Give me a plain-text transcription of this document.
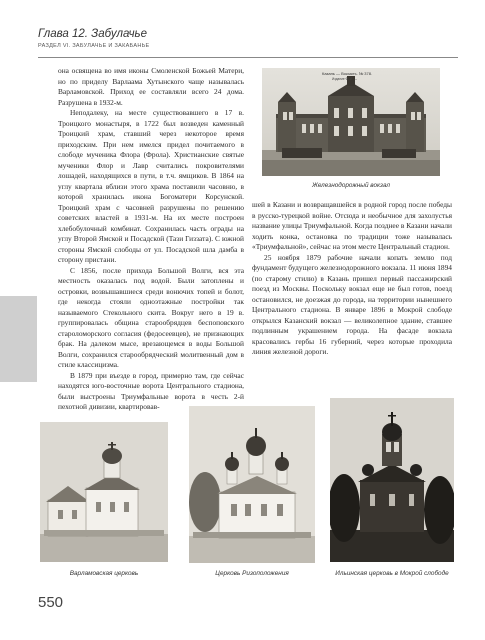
Глава 12. Забулачье
РАЗДЕЛ VI. ЗАБУЛАЧЬЕ И ЗАКАБАНЬЕ

она освящена во имя иконы Смоленской Божьей Матери, но по приделу Варлаама Хутынского чаще называлась Варламовской. Приход ее составляли всего 24 дома. Разрушена в 1932-м.

Неподалеку, на месте существовавшего в 17 в. Троицкого монастыря, в 1722 был возведен каменный Троицкий храм, ставший через некоторое время приходским. При нем имелся придел почитаемого в слободе мученика Флора (Фрола). Христианские святые мученики Флор и Лавр считались покровителями лошадей, находящихся в пути, в т.ч. ямщиков. В 1864 на углу квартала вблизи этого храма поставили часовню, в которой хранилась икона Богоматери Корсунской. Троицкий храм с часовней разрушены по решению советских властей в 1931-м. На их месте построен хлебобулочный комбинат. Сохранилась часть ограды на углу Второй Ямской и Посадской (Тази Гиззата). С южной стороны Ямской слободы от ул. Посадской шла дамба в сторону пристани.

С 1856, после прихода Большой Волги, вся эта местность оказалась под водой. Были затоплены и островки, возвышавшиеся среди вонючих топей и болот, где некогда стояли одноэтажные постройки так называемого Стекольного скита. Вокруг него в 19 в. группировалась община старообрядцев беспоповского староломорского согласия (федосеевцев), не признающих брак. На далеком мысе, врезающемся в воды Большой Волги, сохранился старообрядческий молитвенный дом в стиле классицизма.

В 1879 при въезде в город, примерно там, где сейчас находятся юго-восточные ворота Центрального стадиона, были выстроены Триумфальные ворота в честь 2-й пехотной дивизии, квартировав-

Казань — Вокзалъ. № 378.
Издание Ф. И. —
Железнодорожный вокзал

шей в Казани и возвращавшейся в родной город после победы в русско-турецкой войне. Отсюда и необычное для захолустья название улицы Триумфальной. Когда позднее в Казани начали ходить конка, остановка по традиции тоже называлась «Триумфальной», сейчас на этом месте Центральный стадион.

25 ноября 1879 рабочие начали копать землю под фундамент будущего железнодорожного вокзала. 11 июня 1894 (по старому стилю) в Казань пришел первый пассажирский поезд из Москвы. Поскольку вокзал еще не был готов, поезд остановился, не доезжая до города, на территории нынешнего Центрального стадиона. В январе 1896 в Мокрой слободе открылся Казанский вокзал — великолепное здание, ставшее подлинным украшением города. На фасаде вокзала красовались гербы 16 губерний, через которые проходила линия железной дороги.

Варламовская церковь	Церковь Ризоположения	Ильинская церковь в Мокрой слободе
550
